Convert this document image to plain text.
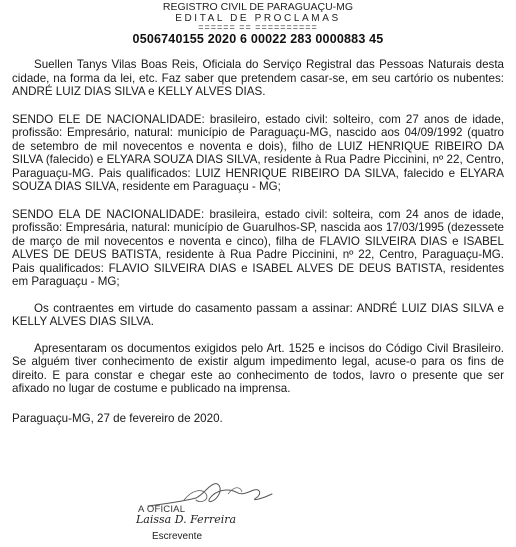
REGISTRO CIVIL DE PARAGUAÇU-MG
EDITAL DE PROCLAMAS
====== == ==========
0506740155 2020 6 00022 283 0000883 45

Suellen Tanys Vilas Boas Reis, Oficiala do Serviço Registral das Pessoas Naturais desta cidade, na forma da lei, etc. Faz saber que pretendem casar-se, em seu cartório os nubentes: ANDRÉ LUIZ DIAS SILVA e KELLY ALVES DIAS.

SENDO ELE DE NACIONALIDADE: brasileiro, estado civil: solteiro, com 27 anos de idade, profissão: Empresário, natural: município de Paraguaçu-MG, nascido aos 04/09/1992 (quatro de setembro de mil novecentos e noventa e dois), filho de LUIZ HENRIQUE RIBEIRO DA SILVA (falecido) e ELYARA SOUZA DIAS SILVA, residente à Rua Padre Piccinini, nº 22, Centro, Paraguaçu-MG. Pais qualificados: LUIZ HENRIQUE RIBEIRO DA SILVA, falecido e ELYARA SOUZA DIAS SILVA, residente em Paraguaçu - MG;

SENDO ELA DE NACIONALIDADE: brasileira, estado civil: solteira, com 24 anos de idade, profissão: Empresária, natural: município de Guarulhos-SP, nascida aos 17/03/1995 (dezessete de março de mil novecentos e noventa e cinco), filha de FLAVIO SILVEIRA DIAS e ISABEL ALVES DE DEUS BATISTA, residente à Rua Padre Piccinini, nº 22, Centro, Paraguaçu-MG. Pais qualificados: FLAVIO SILVEIRA DIAS e ISABEL ALVES DE DEUS BATISTA, residentes em Paraguaçu - MG;

Os contraentes em virtude do casamento passam a assinar: ANDRÉ LUIZ DIAS SILVA e KELLY ALVES DIAS SILVA.

Apresentaram os documentos exigidos pelo Art. 1525 e incisos do Código Civil Brasileiro. Se alguém tiver conhecimento de existir algum impedimento legal, acuse-o para os fins de direito. E para constar e chegar este ao conhecimento de todos, lavro o presente que ser afixado no lugar de costume e publicado na imprensa.

Paraguaçu-MG, 27 de fevereiro de 2020.

A OFICIAL
Laissa D. Ferreira
Escrevente
